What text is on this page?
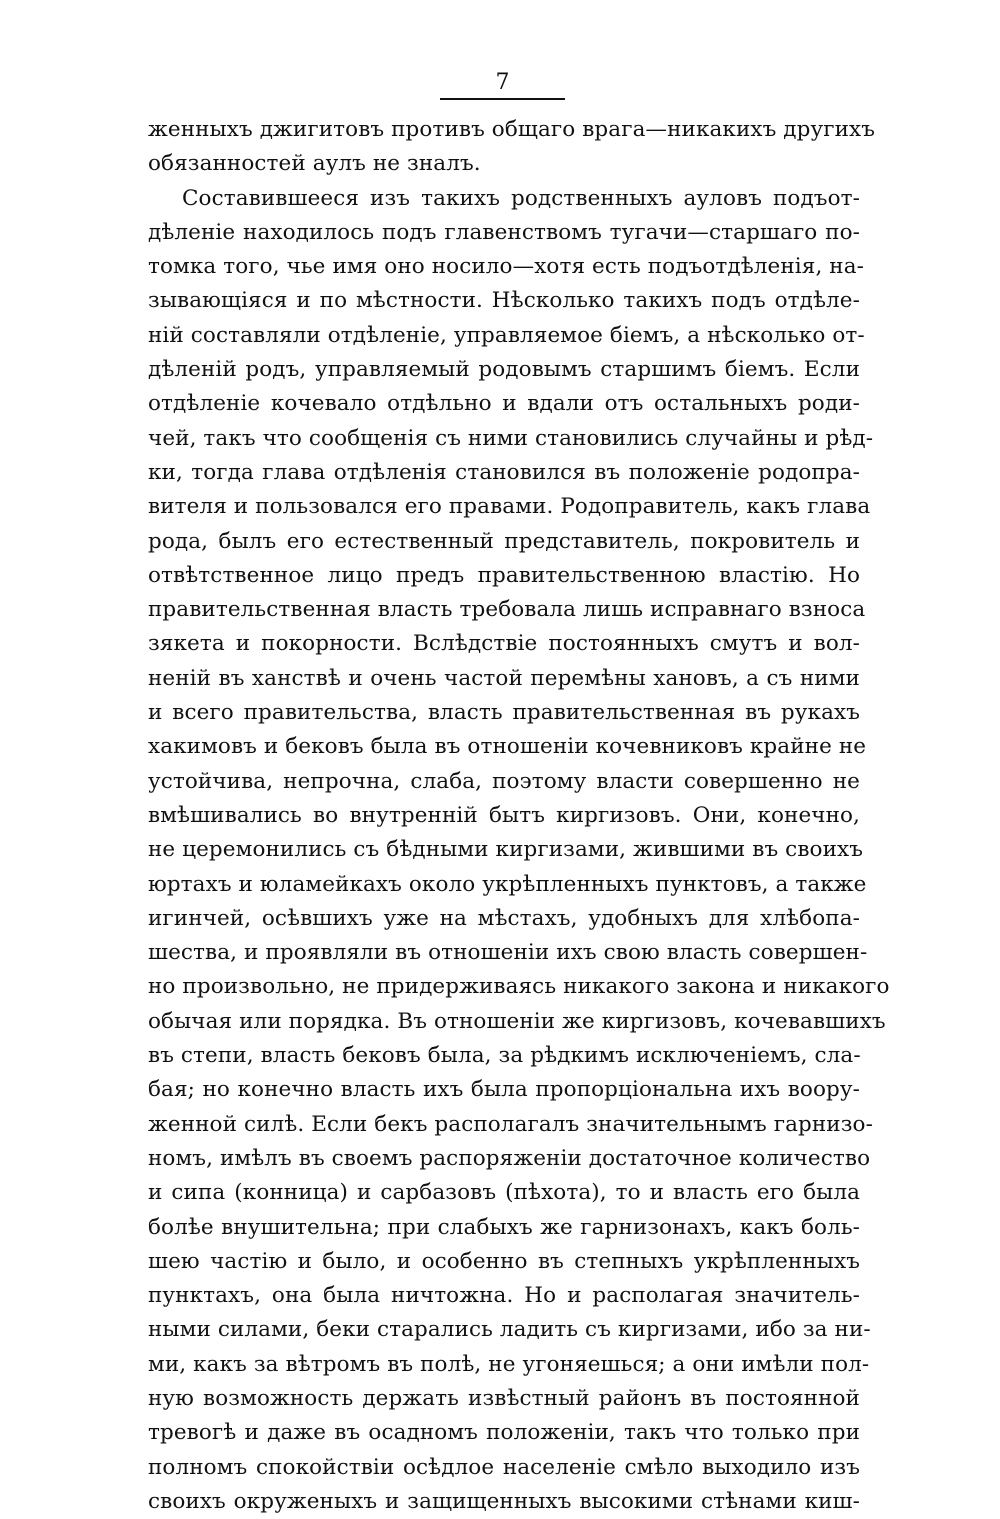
7
женныхъ джигитовъ противъ общаго врага—никакихъ другихъ
обязанностей аулъ не зналъ.
Составившееся изъ такихъ родственныхъ ауловъ подъот-
дѣленіе находилось подъ главенствомъ тугачи—старшаго по-
томка того, чье имя оно носило—хотя есть подъотдѣленія, на-
зывающіяся и по мѣстности. Нѣсколько такихъ подъ отдѣле-
ній составляли отдѣленіе, управляемое біемъ, а нѣсколько от-
дѣленій родъ, управляемый родовымъ старшимъ біемъ. Если
отдѣленіе кочевало отдѣльно и вдали отъ остальныхъ роди-
чей, такъ что сообщенія съ ними становились случайны и рѣд-
ки, тогда глава отдѣленія становился въ положеніе родопра-
вителя и пользовался его правами. Родоправитель, какъ глава
рода, былъ его естественный представитель, покровитель и
отвѣтственное лицо предъ правительственною властію. Но
правительственная власть требовала лишь исправнаго взноса
зякета и покорности. Вслѣдствіе постоянныхъ смутъ и вол-
неній въ ханствѣ и очень частой перемѣны хановъ, а съ ними
и всего правительства, власть правительственная въ рукахъ
хакимовъ и бековъ была въ отношеніи кочевниковъ крайне не
устойчива, непрочна, слаба, поэтому власти совершенно не
вмѣшивались во внутренній бытъ киргизовъ. Они, конечно,
не церемонились съ бѣдными киргизами, жившими въ своихъ
юртахъ и юламейкахъ около укрѣпленныхъ пунктовъ, а также
игинчей, осѣвшихъ уже на мѣстахъ, удобныхъ для хлѣбопа-
шества, и проявляли въ отношеніи ихъ свою власть совершен-
но произвольно, не придерживаясь никакого закона и никакого
обычая или порядка. Въ отношеніи же киргизовъ, кочевавшихъ
въ степи, власть бековъ была, за рѣдкимъ исключеніемъ, сла-
бая; но конечно власть ихъ была пропорціональна ихъ воору-
женной силѣ. Если бекъ располагалъ значительнымъ гарнизо-
номъ, имѣлъ въ своемъ распоряженіи достаточное количество
и сипа (конница) и сарбазовъ (пѣхота), то и власть его была
болѣе внушительна; при слабыхъ же гарнизонахъ, какъ боль-
шею частію и было, и особенно въ степныхъ укрѣпленныхъ
пунктахъ, она была ничтожна. Но и располагая значитель-
ными силами, беки старались ладить съ киргизами, ибо за ни-
ми, какъ за вѣтромъ въ полѣ, не угоняешься; а они имѣли пол-
ную возможность держать извѣстный районъ въ постоянной
тревогѣ и даже въ осадномъ положеніи, такъ что только при
полномъ спокойствіи осѣдлое населеніе смѣло выходило изъ
своихъ окруженыхъ и защищенныхъ высокими стѣнами киш-
